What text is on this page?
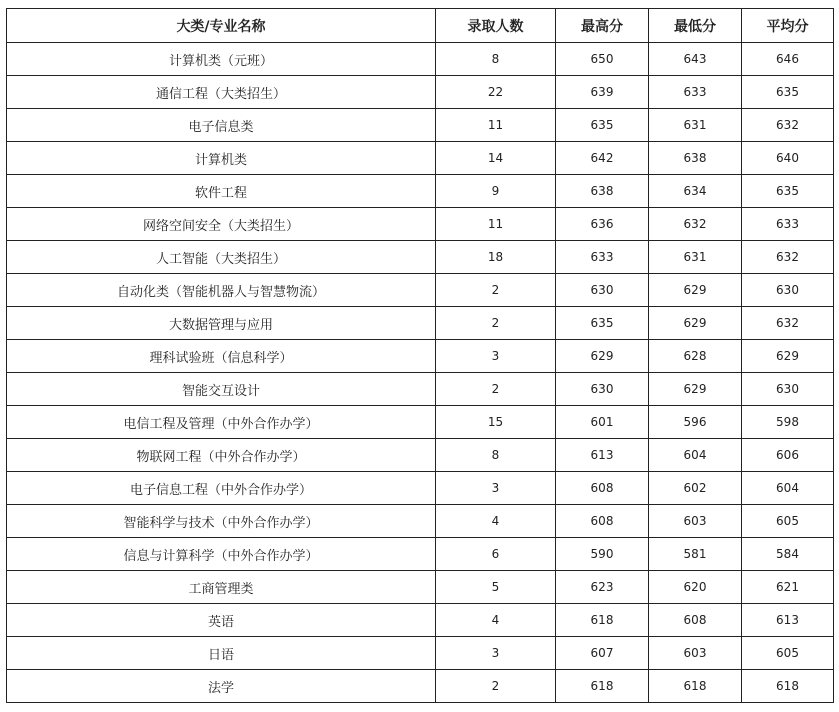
大类/专业名称	录取人数	最高分	最低分	平均分
计算机类（元班）	8	650	643	646
通信工程（大类招生）	22	639	633	635
电子信息类	11	635	631	632
计算机类	14	642	638	640
软件工程	9	638	634	635
网络空间安全（大类招生）	11	636	632	633
人工智能（大类招生）	18	633	631	632
自动化类（智能机器人与智慧物流）	2	630	629	630
大数据管理与应用	2	635	629	632
理科试验班（信息科学）	3	629	628	629
智能交互设计	2	630	629	630
电信工程及管理（中外合作办学）	15	601	596	598
物联网工程（中外合作办学）	8	613	604	606
电子信息工程（中外合作办学）	3	608	602	604
智能科学与技术（中外合作办学）	4	608	603	605
信息与计算科学（中外合作办学）	6	590	581	584
工商管理类	5	623	620	621
英语	4	618	608	613
日语	3	607	603	605
法学	2	618	618	618
